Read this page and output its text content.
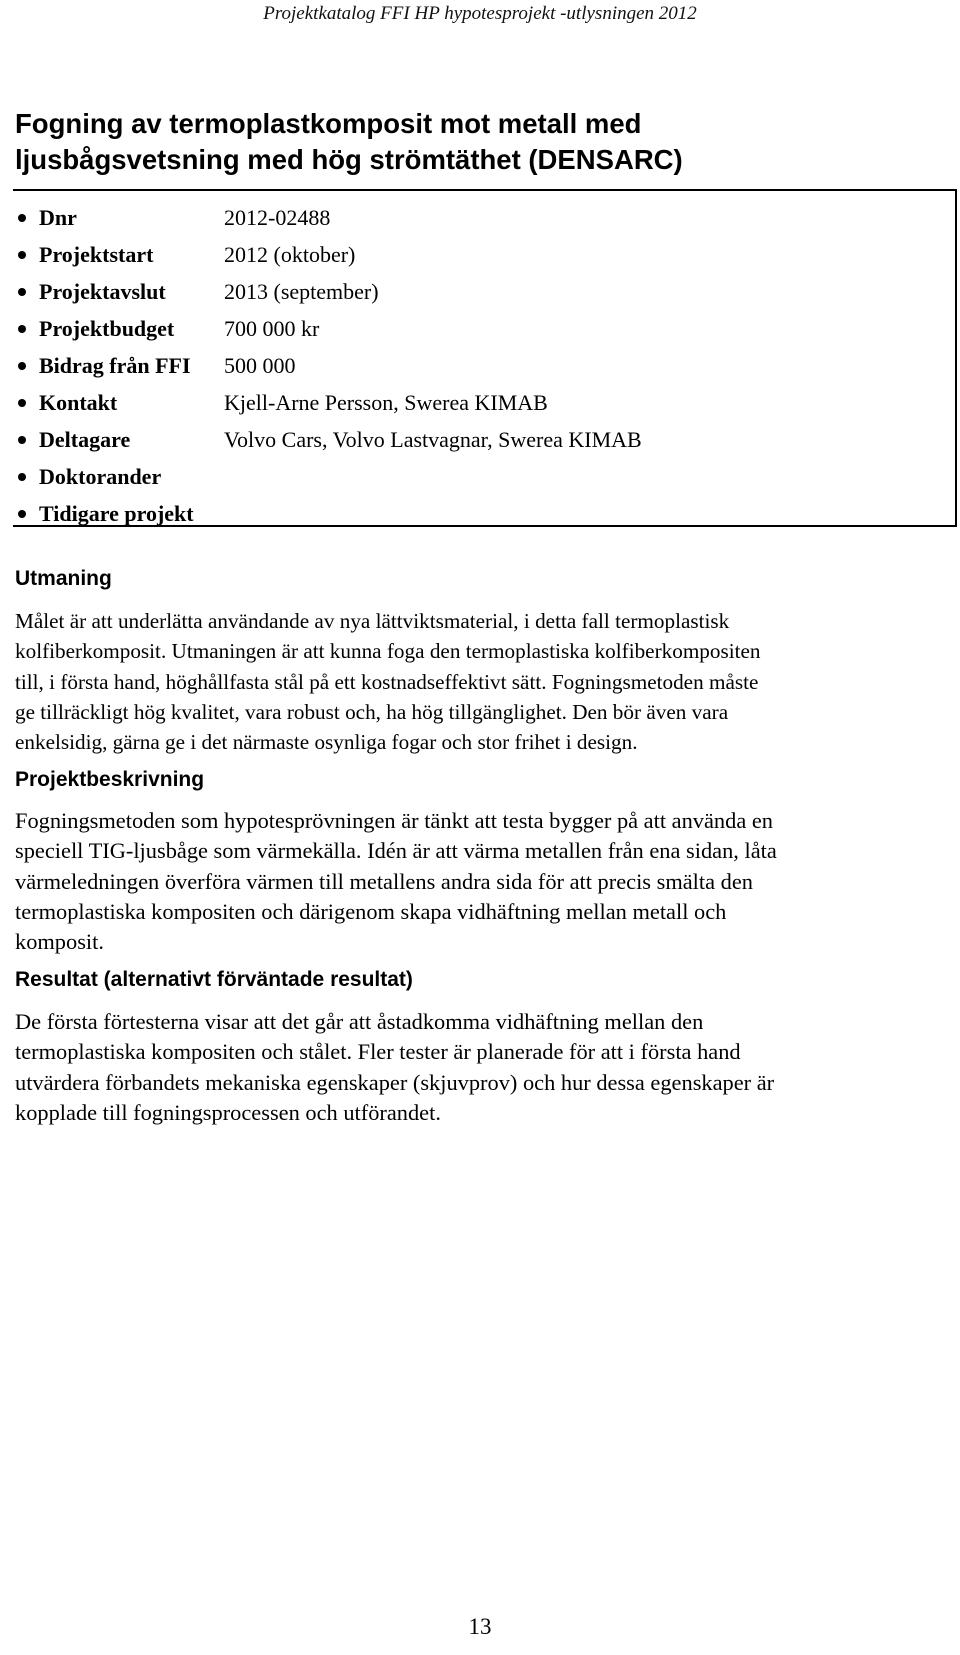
Projektkatalog FFI HP hypotesprojekt -utlysningen 2012
Fogning av termoplastkomposit mot metall med
ljusbågsvetsning med hög strömtäthet (DENSARC)
Dnr	2012-02488
Projektstart	2012 (oktober)
Projektavslut	2013 (september)
Projektbudget 700 000 kr
Bidrag från FFI 500 000
Kontakt	Kjell-Arne Persson, Swerea KIMAB
Deltagare	Volvo Cars, Volvo Lastvagnar, Swerea KIMAB
Doktorander
Tidigare projekt
Utmaning
Målet är att underlätta användande av nya lättviktsmaterial, i detta fall termoplastisk
kolfiberkomposit. Utmaningen är att kunna foga den termoplastiska kolfiberkompositen
till, i första hand, höghållfasta stål på ett kostnadseffektivt sätt. Fogningsmetoden måste
ge tillräckligt hög kvalitet, vara robust och, ha hög tillgänglighet. Den bör även vara
enkelsidig, gärna ge i det närmaste osynliga fogar och stor frihet i design.
Projektbeskrivning
Fogningsmetoden som hypotesprövningen är tänkt att testa bygger på att använda en
speciell TIG-ljusbåge som värmekälla. Idén är att värma metallen från ena sidan, låta
värmeledningen överföra värmen till metallens andra sida för att precis smälta den
termoplastiska kompositen och därigenom skapa vidhäftning mellan metall och
komposit.
Resultat (alternativt förväntade resultat)
De första förtesterna visar att det går att åstadkomma vidhäftning mellan den
termoplastiska kompositen och stålet. Fler tester är planerade för att i första hand
utvärdera förbandets mekaniska egenskaper (skjuvprov) och hur dessa egenskaper är
kopplade till fogningsprocessen och utförandet.
13
